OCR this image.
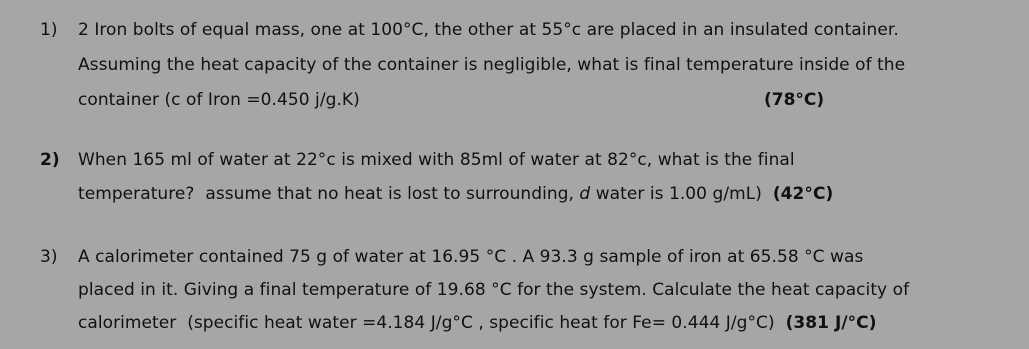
1) 2 Iron bolts of equal mass, one at 100°C, the other at 55°c are placed in an insulated container.
Assuming the heat capacity of the container is negligible, what is final temperature inside of the
container (c of Iron =0.450 j/g.K)	(78°C)
2) When 165 ml of water at 22°c is mixed with 85ml of water at 82°c, what is the final
temperature?  assume that no heat is lost to surrounding, d water is 1.00 g/mL)  (42°C)
3) A calorimeter contained 75 g of water at 16.95 °C . A 93.3 g sample of iron at 65.58 °C was
placed in it. Giving a final temperature of 19.68 °C for the system. Calculate the heat capacity of
calorimeter  (specific heat water =4.184 J/g°C , specific heat for Fe= 0.444 J/g°C)  (381 J/°C)
